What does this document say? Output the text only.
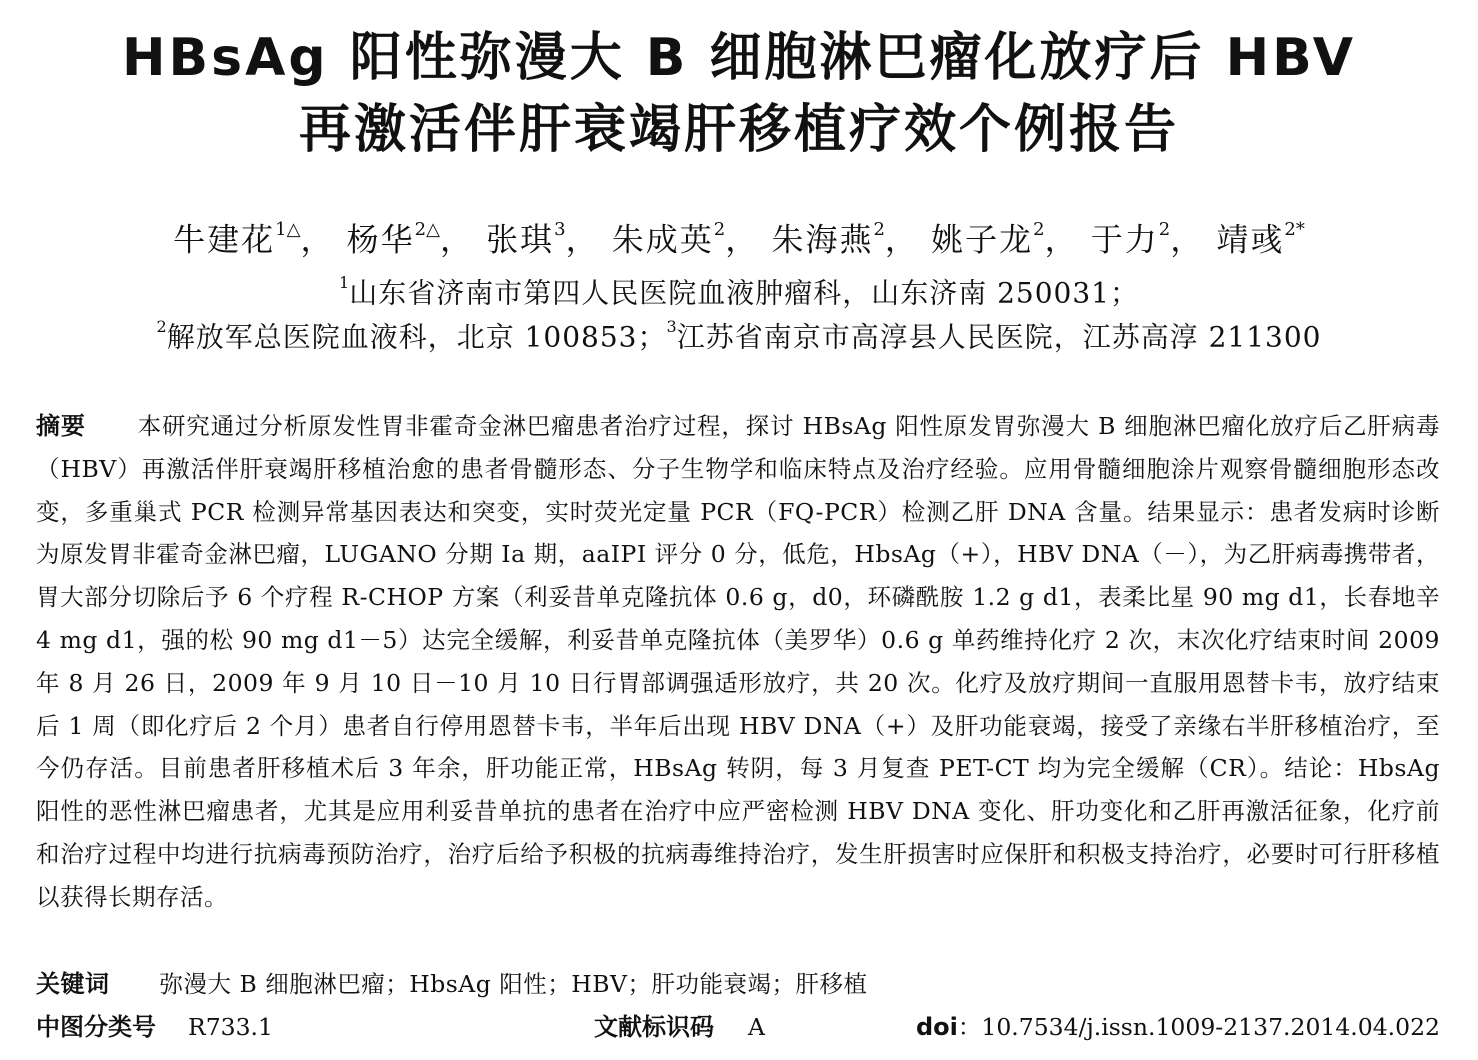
HBsAg 阳性弥漫大 B 细胞淋巴瘤化放疗后 HBV
再激活伴肝衰竭肝移植疗效个例报告
牛建花$^{1\triangle}$， 杨华$^{2\triangle}$， 张琪$^3$， 朱成英$^2$， 朱海燕$^2$， 姚子龙$^2$， 于力$^2$， 靖彧$^{2*}$
$^1$山东省济南市第四人民医院血液肿瘤科，山东济南 250031；
$^2$解放军总医院血液科，北京 100853；$^3$江苏省南京市高淳县人民医院，江苏高淳 211300
摘要 本研究通过分析原发性胃非霍奇金淋巴瘤患者治疗过程，探讨 HBsAg 阳性原发胃弥漫大 B 细胞淋巴瘤化放疗后乙肝病毒（HBV）再激活伴肝衰竭肝移植治愈的患者骨髓形态、分子生物学和临床特点及治疗经验。应用骨髓细胞涂片观察骨髓细胞形态改变，多重巢式 PCR 检测异常基因表达和突变，实时荧光定量 PCR（FQ-PCR）检测乙肝 DNA 含量。结果显示：患者发病时诊断为原发胃非霍奇金淋巴瘤，LUGANO 分期 Ⅰa 期，aaIPI 评分 0 分，低危，HbsAg（+），HBV DNA（－），为乙肝病毒携带者，胃大部分切除后予 6 个疗程 R-CHOP 方案（利妥昔单克隆抗体 0.6 g，d0，环磷酰胺 1.2 g d1，表柔比星 90 mg d1，长春地辛 4 mg d1，强的松 90 mg d1－5）达完全缓解，利妥昔单克隆抗体（美罗华）0.6 g 单药维持化疗 2 次，末次化疗结束时间 2009 年 8 月 26 日，2009 年 9 月 10 日－10 月 10 日行胃部调强适形放疗，共 20 次。化疗及放疗期间一直服用恩替卡韦，放疗结束后 1 周（即化疗后 2 个月）患者自行停用恩替卡韦，半年后出现 HBV DNA（+）及肝功能衰竭，接受了亲缘右半肝移植治疗，至今仍存活。目前患者肝移植术后 3 年余，肝功能正常，HBsAg 转阴，每 3 月复查 PET-CT 均为完全缓解（CR）。结论：HbsAg 阳性的恶性淋巴瘤患者，尤其是应用利妥昔单抗的患者在治疗中应严密检测 HBV DNA 变化、肝功变化和乙肝再激活征象，化疗前和治疗过程中均进行抗病毒预防治疗，治疗后给予积极的抗病毒维持治疗，发生肝损害时应保肝和积极支持治疗，必要时可行肝移植以获得长期存活。
关键词 弥漫大 B 细胞淋巴瘤；HbsAg 阳性；HBV；肝功能衰竭；肝移植
中图分类号 R733.1	文献标识码 A	doi：10.7534/j.issn.1009-2137.2014.04.022
